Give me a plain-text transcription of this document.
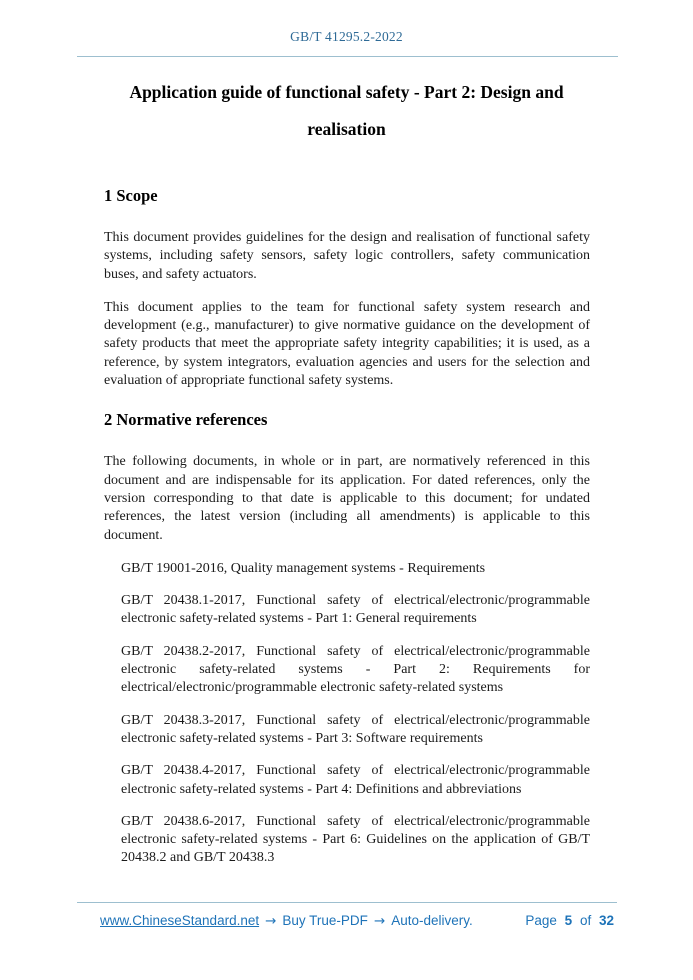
GB/T 41295.2-2022
Application guide of functional safety - Part 2: Design and
realisation
1 Scope

This document provides guidelines for the design and realisation of functional safety systems, including safety sensors, safety logic controllers, safety communication buses, and safety actuators.

This document applies to the team for functional safety system research and development (e.g., manufacturer) to give normative guidance on the development of safety products that meet the appropriate safety integrity capabilities; it is used, as a reference, by system integrators, evaluation agencies and users for the selection and evaluation of appropriate functional safety systems.

2 Normative references

The following documents, in whole or in part, are normatively referenced in this document and are indispensable for its application. For dated references, only the version corresponding to that date is applicable to this document; for undated references, the latest version (including all amendments) is applicable to this document.

GB/T 19001-2016, Quality management systems - Requirements

GB/T 20438.1-2017, Functional safety of electrical/electronic/programmable electronic safety-related systems - Part 1: General requirements

GB/T 20438.2-2017, Functional safety of electrical/electronic/programmable electronic safety-related systems - Part 2: Requirements for electrical/electronic/programmable electronic safety-related systems

GB/T 20438.3-2017, Functional safety of electrical/electronic/programmable electronic safety-related systems - Part 3: Software requirements

GB/T 20438.4-2017, Functional safety of electrical/electronic/programmable electronic safety-related systems - Part 4: Definitions and abbreviations

GB/T 20438.6-2017, Functional safety of electrical/electronic/programmable electronic safety-related systems - Part 6: Guidelines on the application of GB/T 20438.2 and GB/T 20438.3

www.ChineseStandard.net → Buy True-PDF → Auto-delivery.	Page 5 of 32
